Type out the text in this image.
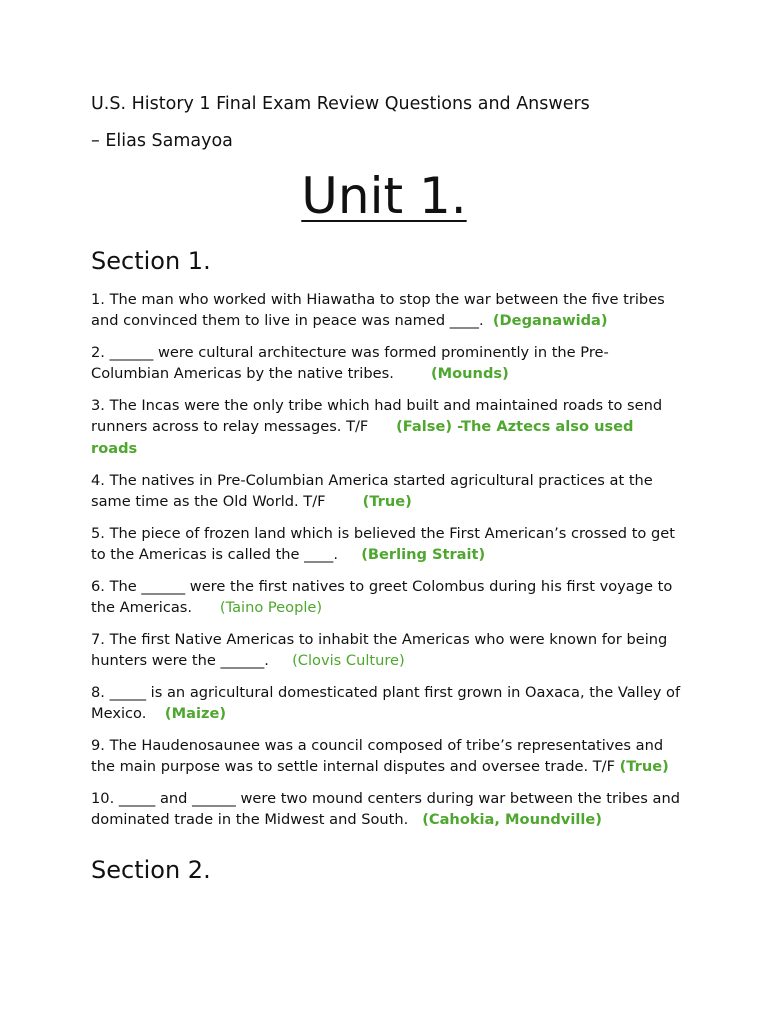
U.S. History 1 Final Exam Review Questions and Answers
– Elias Samayoa
Unit 1.
Section 1.

1. The man who worked with Hiawatha to stop the war between the five tribes and convinced them to live in peace was named ____.  (Deganawida)

2. ______ were cultural architecture was formed prominently in the Pre-Columbian Americas by the native tribes.        (Mounds)

3. The Incas were the only tribe which had built and maintained roads to send runners across to relay messages. T/F      (False) -The Aztecs also used roads

4. The natives in Pre-Columbian America started agricultural practices at the same time as the Old World. T/F        (True)

5. The piece of frozen land which is believed the First American’s crossed to get to the Americas is called the ____.     (Berling Strait)

6. The ______ were the first natives to greet Colombus during his first voyage to the Americas.      (Taino People)

7. The first Native Americas to inhabit the Americas who were known for being hunters were the ______.     (Clovis Culture)

8. _____ is an agricultural domesticated plant first grown in Oaxaca, the Valley of Mexico.    (Maize)

9. The Haudenosaunee was a council composed of tribe’s representatives and the main purpose was to settle internal disputes and oversee trade. T/F (True)

10. _____ and ______ were two mound centers during war between the tribes and dominated trade in the Midwest and South.   (Cahokia, Moundville)

Section 2.
